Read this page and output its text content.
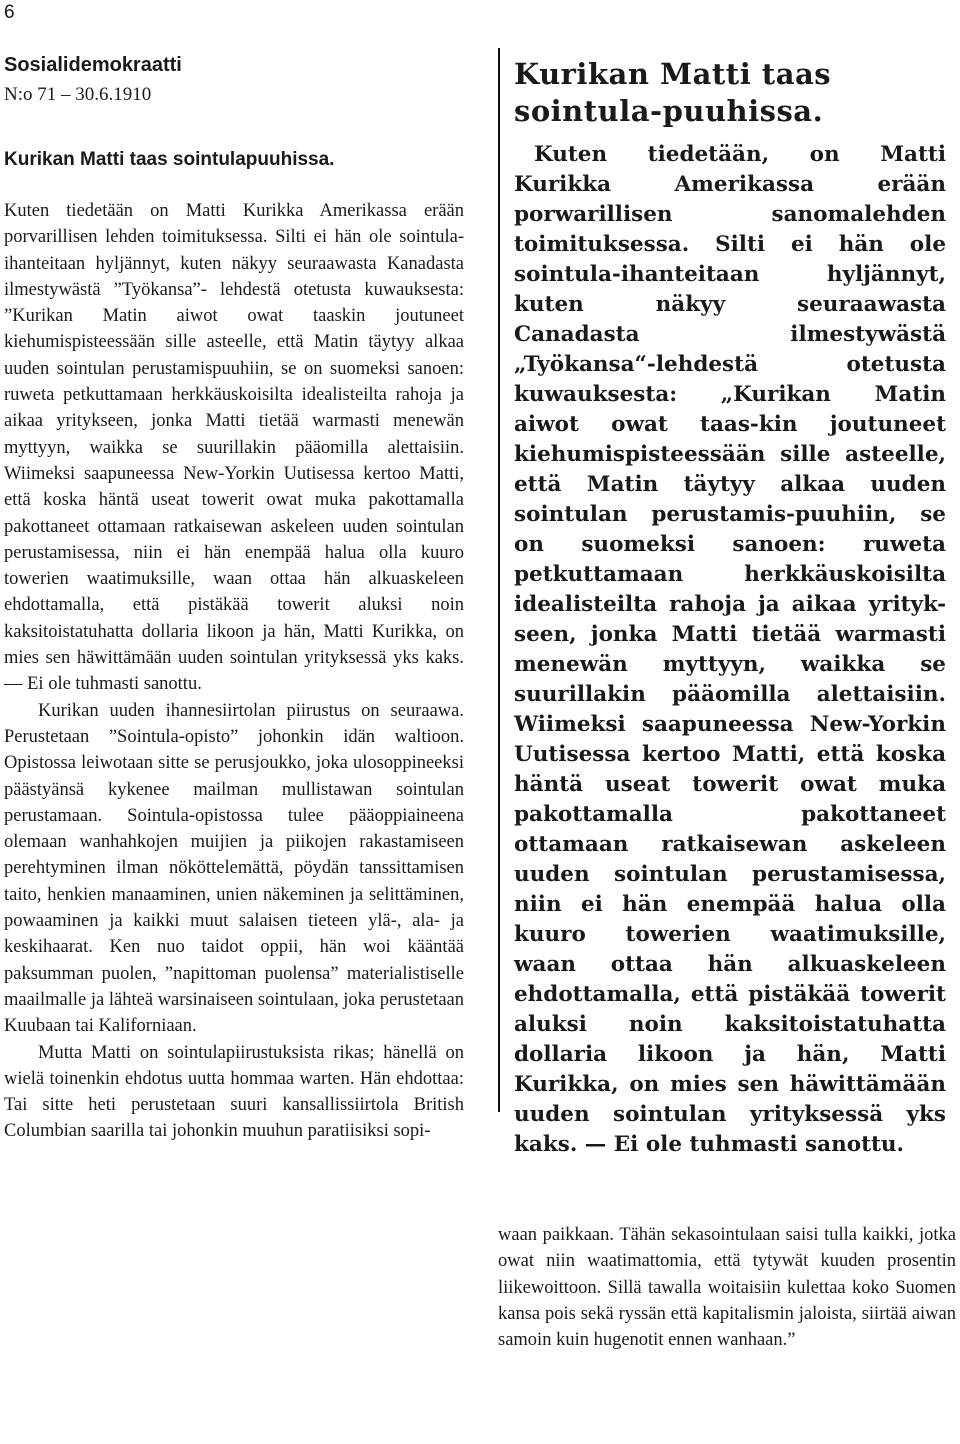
6

Sosialidemokraatti

N:o 71 – 30.6.1910

Kurikan Matti taas sointulapuuhissa.

Kuten tiedetään on Matti Kurikka Amerikassa erään porvarillisen lehden toimituksessa. Silti ei hän ole sointula-ihanteitaan hyljännyt, kuten näkyy seuraawasta Kanadasta ilmestywästä ”Työkansa”- lehdestä otetusta kuwauksesta: ”Kurikan Matin aiwot owat taaskin joutuneet kiehumispisteessään sille asteelle, että Matin täytyy alkaa uuden sointulan perustamispuuhiin, se on suomeksi sanoen: ruweta petkuttamaan herkkäuskoisilta idealisteilta rahoja ja aikaa yritykseen, jonka Matti tietää warmasti menewän myttyyn, waikka se suurillakin pääomilla alettaisiin. Wiimeksi saapuneessa New-Yorkin Uutisessa kertoo Matti, että koska häntä useat towerit owat muka pakottamalla pakottaneet ottamaan ratkaisewan askeleen uuden sointulan perustamisessa, niin ei hän enempää halua olla kuuro towerien waatimuksille, waan ottaa hän alkuaskeleen ehdottamalla, että pistäkää towerit aluksi noin kaksitoistatuhatta dollaria likoon ja hän, Matti Kurikka, on mies sen häwittämään uuden sointulan yrityksessä yks kaks. — Ei ole tuhmasti sanottu.

Kurikan uuden ihannesiirtolan piirustus on seuraawa. Perustetaan ”Sointula-opisto” johonkin idän waltioon. Opistossa leiwotaan sitte se perusjoukko, joka ulosoppineeksi päästyänsä kykenee mailman mullistawan sointulan perustamaan. Sointula-opistossa tulee pääoppiaineena olemaan wanhahkojen muijien ja piikojen rakastamiseen perehtyminen ilman nököttelemättä, pöydän tanssittamisen taito, henkien manaaminen, unien näkeminen ja selittäminen, powaaminen ja kaikki muut salaisen tieteen ylä-, ala- ja keskihaarat. Ken nuo taidot oppii, hän woi kääntää paksumman puolen, ”napittoman puolensa” materialistiselle maailmalle ja lähteä warsinaiseen sointulaan, joka perustetaan Kuubaan tai Kaliforniaan.

Mutta Matti on sointulapiirustuksista rikas; hänellä on wielä toinenkin ehdotus uutta hommaa warten. Hän ehdottaa: Tai sitte heti perustetaan suuri kansallissiirtola British Columbian saarilla tai johonkin muuhun paratiisiksi sopi-

Kurikan Matti taas sointula-puuhissa.

Kuten tiedetään, on Matti Kurikka Amerikassa erään porwarillisen sanomalehden toimituksessa. Silti ei hän ole sointula-ihanteitaan hyljännyt, kuten näkyy seuraawasta Canadasta ilmestywästä „Työkansa“-lehdestä otetusta kuwauksesta: „Kurikan Matin aiwot owat taas-kin joutuneet kiehumispisteessään sille asteelle, että Matin täytyy alkaa uuden sointulan perustamis-puuhiin, se on suomeksi sanoen: ruweta petkuttamaan herkkäuskoisilta idealisteilta rahoja ja aikaa yrityk-seen, jonka Matti tietää warmasti menewän myttyyn, waikka se suurillakin pääomilla alettaisiin. Wiimeksi saapuneessa New-Yorkin Uutisessa kertoo Matti, että koska häntä useat towerit owat muka pakottamalla pakottaneet ottamaan ratkaisewan askeleen uuden sointulan perustamisessa, niin ei hän enempää halua olla kuuro towerien waatimuksille, waan ottaa hän alkuaskeleen ehdottamalla, että pistäkää towerit aluksi noin kaksitoistatuhatta dollaria likoon ja hän, Matti Kurikka, on mies sen häwittämään uuden sointulan yrityksessä yks kaks. — Ei ole tuhmasti sanottu.

waan paikkaan. Tähän sekasointulaan saisi tulla kaikki, jotka owat niin waatimattomia, että tytywät kuuden prosentin liikewoittoon. Sillä tawalla woitaisiin kulettaa koko Suomen kansa pois sekä ryssän että kapitalismin jaloista, siirtää aiwan samoin kuin hugenotit ennen wanhaan.”
